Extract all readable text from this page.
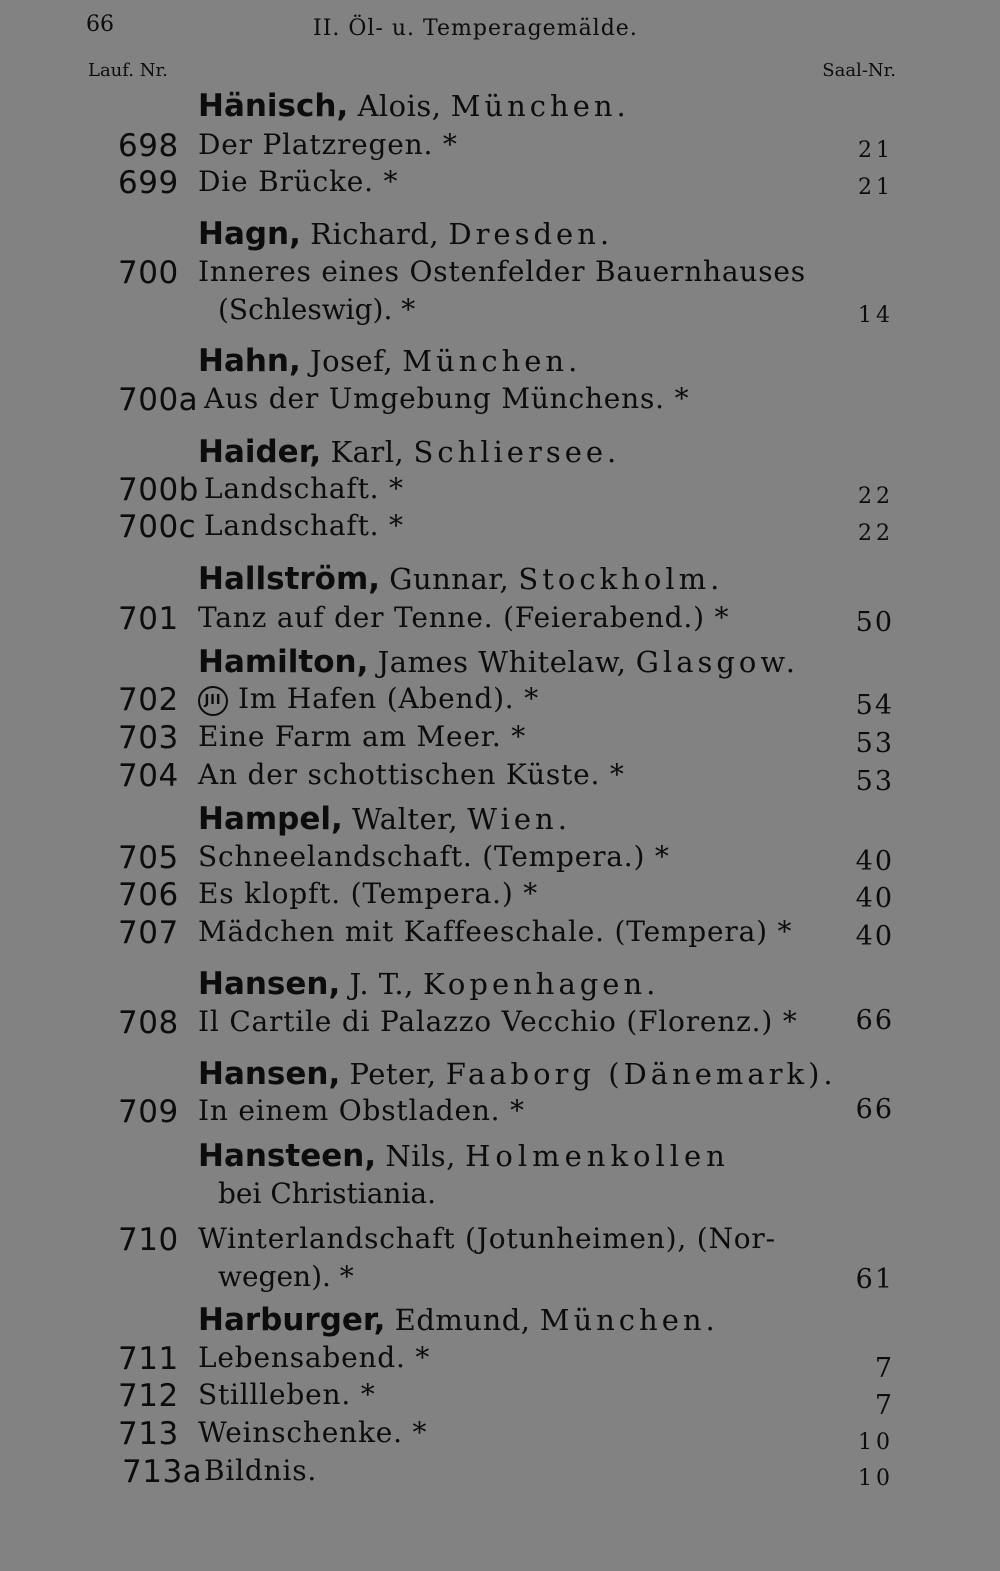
66	II. Öl- u. Temperagemälde.
Lauf. Nr.	Saal-Nr.
Hänisch, Alois, München.
698 Der Platzregen. *	21
699 Die Brücke. *	21
Hagn, Richard, Dresden.
700 Inneres eines Ostenfelder Bauernhauses
(Schleswig). *	14
Hahn, Josef, München.
700a Aus der Umgebung Münchens. *
Haider, Karl, Schliersee.
700b Landschaft. *	22
700c Landschaft. *	22
Hallström, Gunnar, Stockholm.
701 Tanz auf der Tenne. (Feierabend.) *	50
Hamilton, James Whitelaw, Glasgow.
702	JII Im Hafen (Abend). *	54
703 Eine Farm am Meer. *	53
704 An der schottischen Küste. *	53
Hampel, Walter, Wien.
705 Schneelandschaft. (Tempera.) *	40
706 Es klopft. (Tempera.) *	40
707 Mädchen mit Kaffeeschale. (Tempera) * 40
Hansen, J. T., Kopenhagen.
708 Il Cartile di Palazzo Vecchio (Florenz.) * 66
Hansen, Peter, Faaborg (Dänemark).
709 In einem Obstladen. *	66
Hansteen, Nils, Holmenkollen
bei Christiania.
710 Winterlandschaft (Jotunheimen), (Nor-
wegen). *	61
Harburger, Edmund, München.
711 Lebensabend. *	7
712 Stillleben. *	7
713 Weinschenke. *	10
713a Bildnis.	10
